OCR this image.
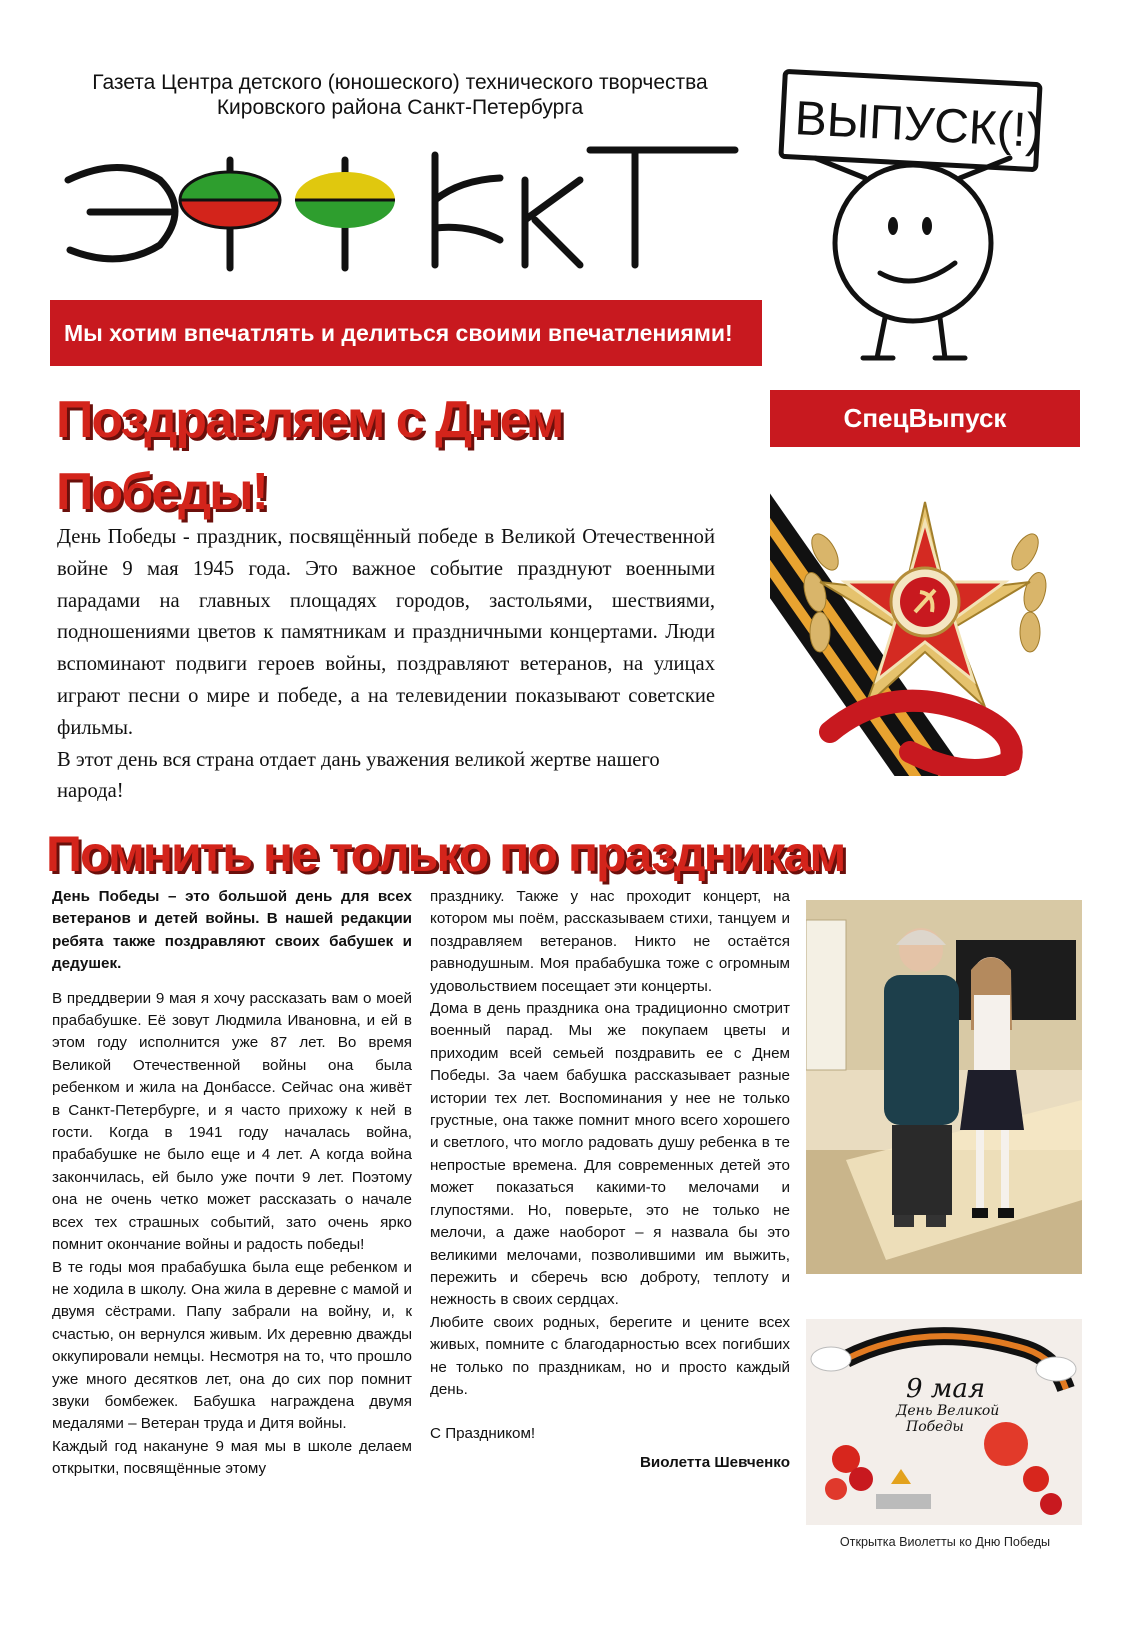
Газета Центра детского (юношеского) технического творчества
Кировского района Санкт-Петербурга	ВЫПУСК(!)
Мы хотим впечатлять и делиться своими впечатлениями!
СпецВыпуск
Поздравляем с Днем Победы!

День Победы - праздник, посвящённый победе в Великой Отечественной войне 9 мая 1945 года. Это важное событие празднуют военными парадами на главных площадях городов, застольями, шествиями, подношениями цветов к памятникам и праздничными концертами. Люди вспоминают подвиги героев войны, поздравляют ветеранов, на улицах играют песни о мире и победе, а на телевидении показывают советские фильмы.

В этот день вся страна отдает дань уважения великой жертве нашего народа!

Помнить не только по праздникам

День Победы – это большой день для всех ветеранов и детей войны. В нашей редакции ребята также поздравляют своих бабушек и дедушек.

В преддверии 9 мая я хочу рассказать вам о моей прабабушке. Её зовут Людмила Ивановна, и ей в этом году исполнится уже 87 лет. Во время Великой Отечественной войны она была ребенком и жила на Донбассе. Сейчас она живёт в Санкт-Петербурге, и я часто прихожу к ней в гости. Когда в 1941 году началась война, прабабушке не было еще и 4 лет. А когда война закончилась, ей было уже почти 9 лет. Поэтому она не очень четко может рассказать о начале всех тех страшных событий, зато очень ярко помнит окончание войны и радость победы!

В те годы моя прабабушка была еще ребенком и не ходила в школу. Она жила в деревне с мамой и двумя сёстрами. Папу забрали на войну, и, к счастью, он вернулся живым. Их деревню дважды оккупировали немцы. Несмотря на то, что прошло уже много десятков лет, она до сих пор помнит звуки бомбежек. Бабушка награждена двумя медалями – Ветеран труда и Дитя войны.

Каждый год накануне 9 мая мы в школе делаем открытки, посвящённые этому

празднику. Также у нас проходит концерт, на котором мы поём, рассказываем стихи, танцуем и поздравляем ветеранов. Никто не остаётся равнодушным. Моя прабабушка тоже с огромным удовольствием посещает эти концерты.

Дома в день праздника она традиционно смотрит военный парад. Мы же покупаем цветы и приходим всей семьей поздравить ее с Днем Победы. За чаем бабушка рассказывает разные истории тех лет. Воспоминания у нее не только грустные, она также помнит много всего хорошего и светлого, что могло радовать душу ребенка в те непростые времена. Для современных детей это может показаться какими-то мелочами и глупостями. Но, поверьте, это не только не мелочи, а даже наоборот – я назвала бы это великими мелочами, позволившими им выжить, пережить и сберечь всю доброту, теплоту и нежность в своих сердцах.

Любите своих родных, берегите и цените всех живых, помните с благодарностью всех погибших не только по праздникам, но и просто каждый день.

С Праздником!

Виолетта Шевченко

9 мая
День Великой
Победы
Открытка Виолетты ко Дню Победы
